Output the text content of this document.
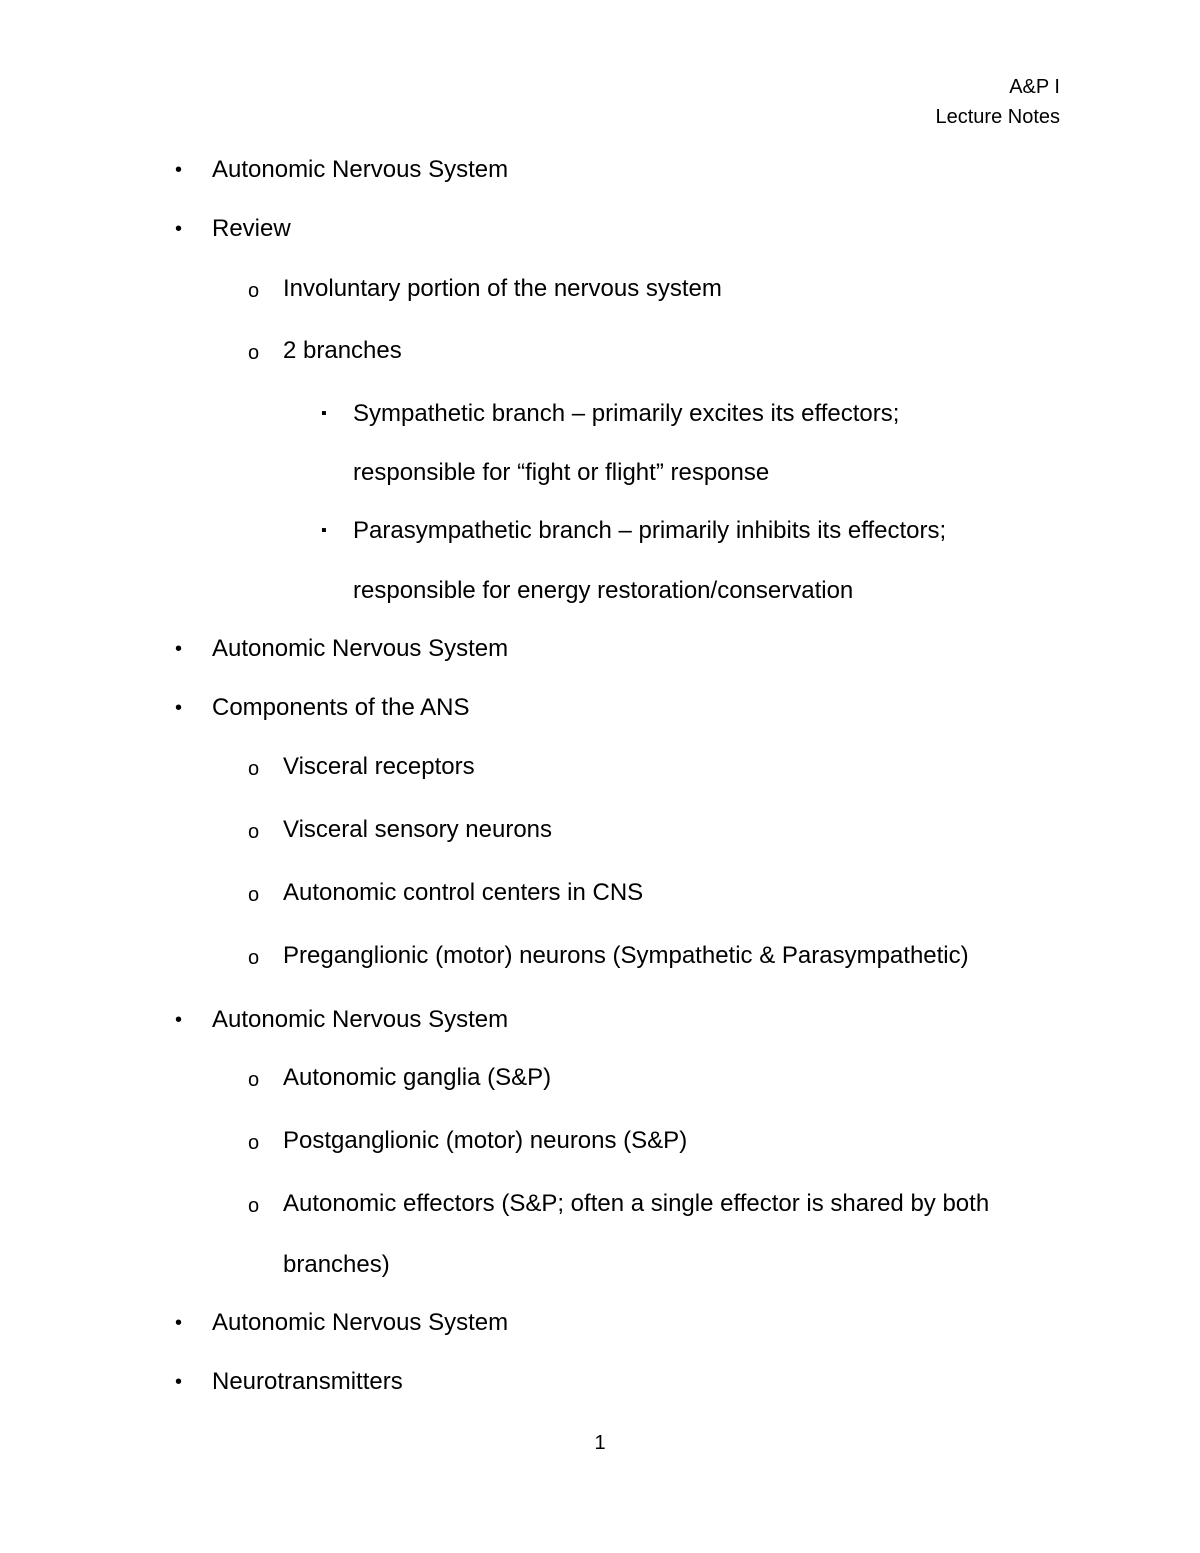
A&P I
Lecture Notes
• Autonomic Nervous System
• Review
o Involuntary portion of the nervous system
o 2 branches
▪ Sympathetic branch – primarily excites its effectors;
responsible for “fight or flight” response
▪ Parasympathetic branch – primarily inhibits its effectors;
responsible for energy restoration/conservation
• Autonomic Nervous System
• Components of the ANS
o Visceral receptors
o Visceral sensory neurons
o Autonomic control centers in CNS
o Preganglionic (motor) neurons (Sympathetic & Parasympathetic)
• Autonomic Nervous System
o Autonomic ganglia (S&P)
o Postganglionic (motor) neurons (S&P)
o Autonomic effectors (S&P; often a single effector is shared by both
branches)
• Autonomic Nervous System
• Neurotransmitters
1
